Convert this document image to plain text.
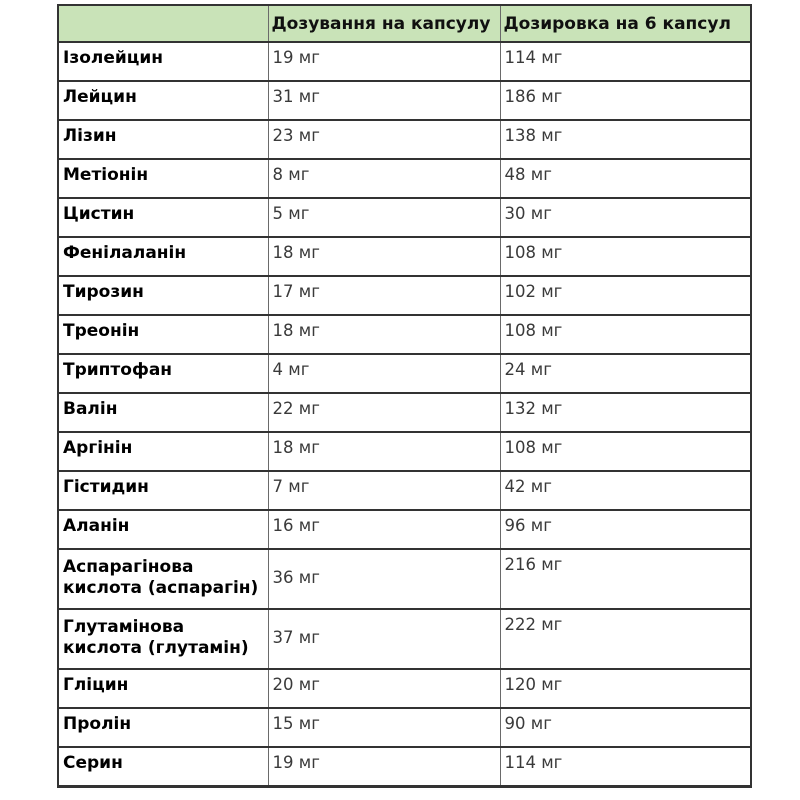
	Дозування на капсулу	Дозировка на 6 капсул
Ізолейцин	19 мг	114 мг
Лейцин	31 мг	186 мг
Лізин	23 мг	138 мг
Метіонін	8 мг	48 мг
Цистин	5 мг	30 мг
Фенілаланін	18 мг	108 мг
Тирозин	17 мг	102 мг
Треонін	18 мг	108 мг
Триптофан	4 мг	24 мг
Валін	22 мг	132 мг
Аргінін	18 мг	108 мг
Гістидин	7 мг	42 мг
Аланін	16 мг	96 мг
Аспарагінова кислота (аспарагін)	36 мг	216 мг
Глутамінова кислота (глутамін)	37 мг	222 мг
Гліцин	20 мг	120 мг
Пролін	15 мг	90 мг
Серин	19 мг	114 мг
